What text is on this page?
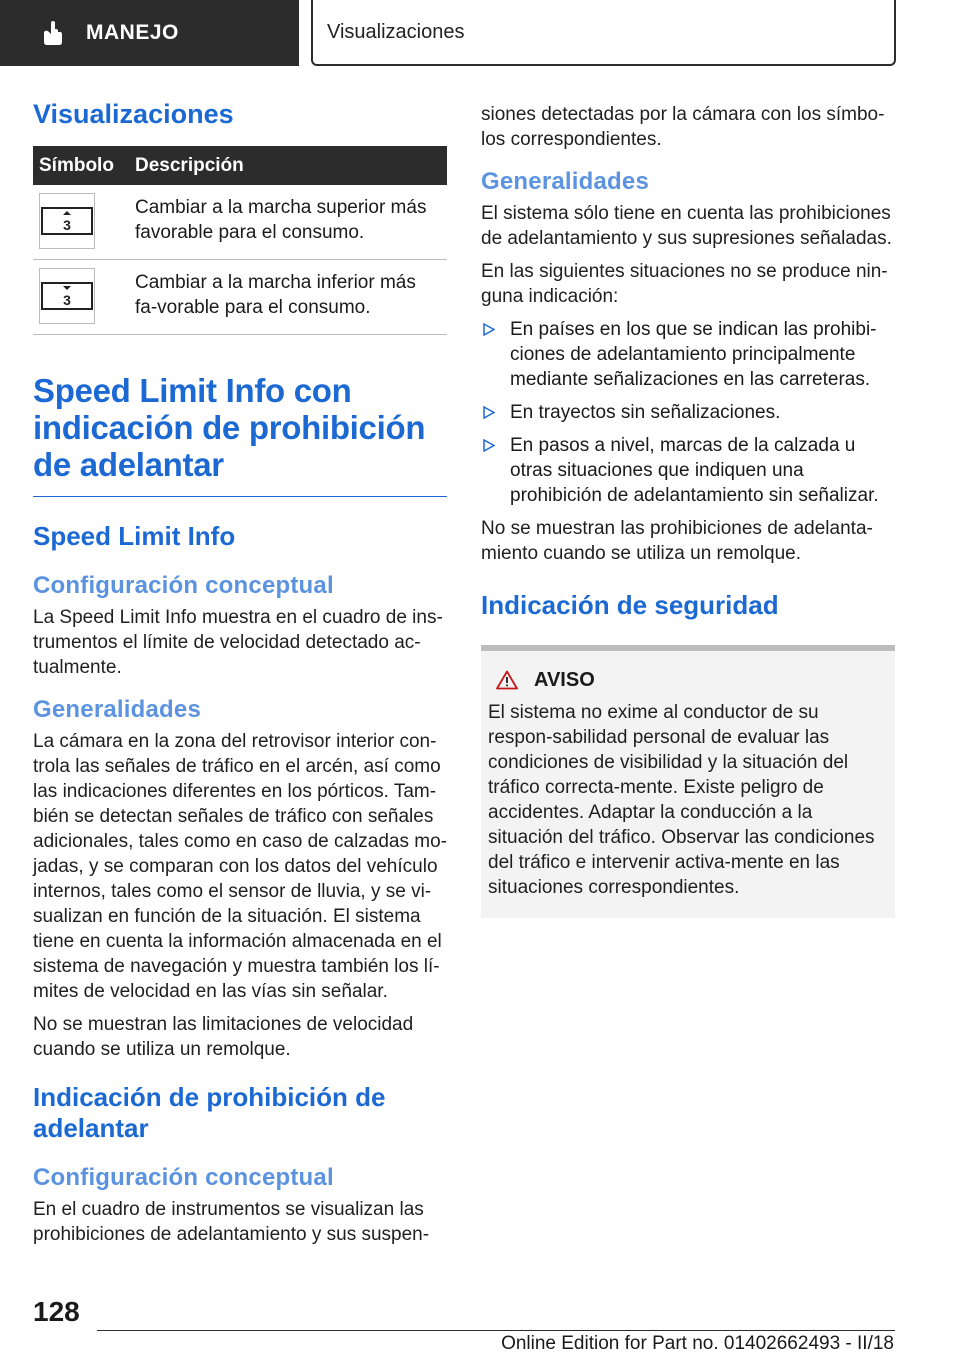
MANEJO	Visualizaciones
Visualizaciones
Símbolo	Descripción

3	Cambiar a la marcha superior más favorable para el consumo.

3	Cambiar a la marcha inferior más fa-vorable para el consumo.
Speed Limit Info con indicación de prohibición de adelantar
Speed Limit Info
Configuración conceptual

La Speed Limit Info muestra en el cuadro de ins-trumentos el límite de velocidad detectado ac-tualmente.

Generalidades

La cámara en la zona del retrovisor interior con-trola las señales de tráfico en el arcén, así como las indicaciones diferentes en los pórticos. Tam-bién se detectan señales de tráfico con señales adicionales, tales como en caso de calzadas mo-jadas, y se comparan con los datos del vehículo internos, tales como el sensor de lluvia, y se vi-sualizan en función de la situación. El sistema tiene en cuenta la información almacenada en el sistema de navegación y muestra también los lí-mites de velocidad en las vías sin señalar.

No se muestran las limitaciones de velocidad cuando se utiliza un remolque.

Indicación de prohibición de adelantar
Configuración conceptual

En el cuadro de instrumentos se visualizan las prohibiciones de adelantamiento y sus suspen-

siones detectadas por la cámara con los símbo-los correspondientes.

Generalidades

El sistema sólo tiene en cuenta las prohibiciones de adelantamiento y sus supresiones señaladas.

En las siguientes situaciones no se produce nin-guna indicación:

En países en los que se indican las prohibi-ciones de adelantamiento principalmente mediante señalizaciones en las carreteras.
En trayectos sin señalizaciones.
En pasos a nivel, marcas de la calzada u otras situaciones que indiquen una prohibición de adelantamiento sin señalizar.

No se muestran las prohibiciones de adelanta-miento cuando se utiliza un remolque.

Indicación de seguridad
AVISO

El sistema no exime al conductor de su respon-sabilidad personal de evaluar las condiciones de visibilidad y la situación del tráfico correcta-mente. Existe peligro de accidentes. Adaptar la conducción a la situación del tráfico. Observar las condiciones del tráfico e intervenir activa-mente en las situaciones correspondientes.

128
Online Edition for Part no. 01402662493 - II/18
